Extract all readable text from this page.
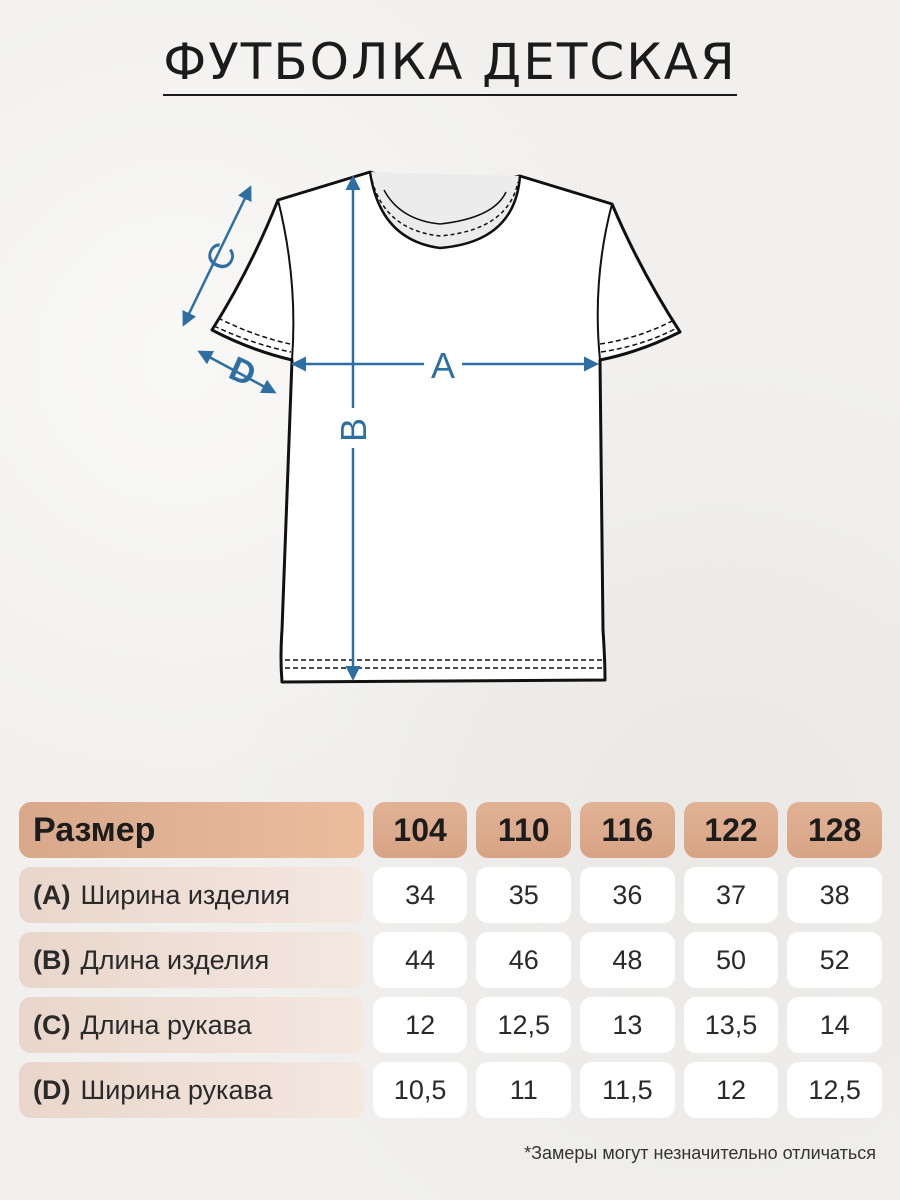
ФУТБОЛКА ДЕТСКАЯ
A
B
C
D
Размер	104	110	116	122	128
(A) Ширина изделия	34	35	36	37	38
(B) Длина изделия	44	46	48	50	52
(C) Длина рукава	12	12,5	13	13,5	14
(D) Ширина рукава	10,5	11	11,5	12	12,5
*Замеры могут незначительно отличаться
